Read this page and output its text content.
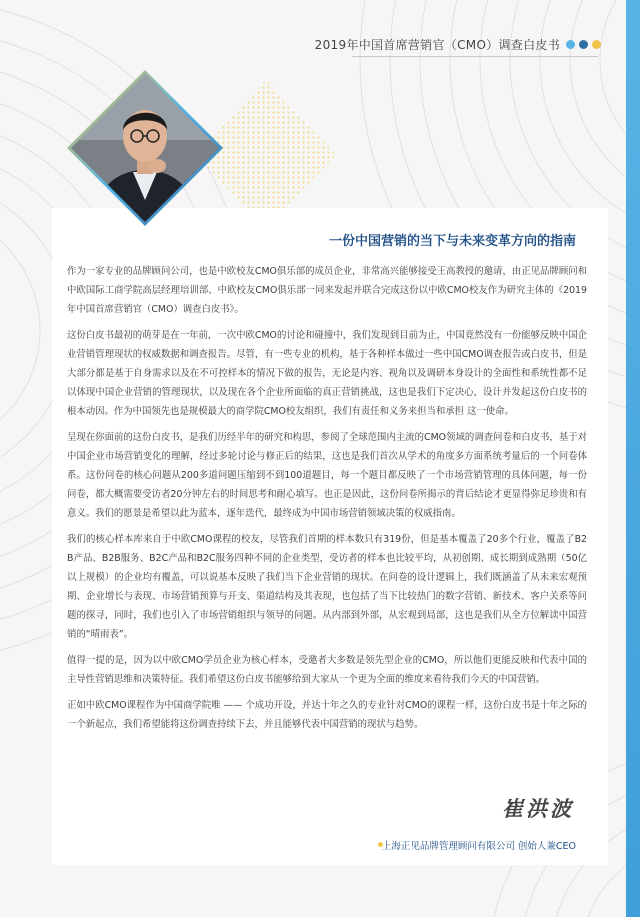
2019年中国首席营销官（CMO）调查白皮书
一份中国营销的当下与未来变革方向的指南

作为一家专业的品牌顾问公司，也是中欧校友CMO俱乐部的成员企业，非常高兴能够接受王高教授的邀请，由正见品牌顾问和中欧国际工商学院高层经理培训部、中欧校友CMO俱乐部一同来发起并联合完成这份以中欧CMO校友作为研究主体的《2019年中国首席营销官（CMO）调查白皮书》。

这份白皮书最初的萌芽是在一年前，一次中欧CMO的讨论和碰撞中，我们发现到目前为止，中国竟然没有一份能够反映中国企业营销管理现状的权威数据和调查报告。尽管，有一些专业的机构，基于各种样本做过一些中国CMO调查报告或白皮书，但是大部分都是基于自身需求以及在不可控样本的情况下做的报告，无论是内容、视角以及调研本身设计的全面性和系统性都不足以体现中国企业营销的管理现状，以及现在各个企业所面临的真正营销挑战，这也是我们下定决心，设计并发起这份白皮书的根本动因。作为中国领先也是规模最大的商学院CMO校友组织，我们有责任和义务来担当和承担 这一使命。

呈现在你面前的这份白皮书，是我们历经半年的研究和构思，参阅了全球范围内主流的CMO领域的调查问卷和白皮书，基于对中国企业市场营销变化的理解，经过多轮讨论与修正后的结果，这也是我们首次从学术的角度多方面系统考量后的一个问卷体系。这份问卷的核心问题从200多道问题压缩到不到100道题目，每一个题目都反映了一个市场营销管理的具体问题，每一份问卷，都大概需要受访者20分钟左右的时间思考和耐心填写。也正是因此，这份问卷所揭示的背后结论才更显得弥足珍贵和有意义。我们的愿景是希望以此为蓝本，逐年迭代，最终成为中国市场营销领域决策的权威指南。

我们的核心样本库来自于中欧CMO课程的校友，尽管我们首期的样本数只有319份，但是基本覆盖了20多个行业，覆盖了B2B产品、B2B服务、B2C产品和B2C服务四种不同的企业类型，受访者的样本也比较平均，从初创期、成长期到成熟期（50亿以上规模）的企业均有覆盖，可以说基本反映了我们当下企业营销的现状。在问卷的设计逻辑上，我们既涵盖了从未来宏观预期、企业增长与表现、市场营销预算与开支、渠道结构及其表现，也包括了当下比较热门的数字营销、新技术、客户关系等问题的探寻，同时，我们也引入了市场营销组织与领导的问题。从内部到外部，从宏观到局部，这也是我们从全方位解读中国营销的“晴雨表”。

值得一提的是，因为以中欧CMO学员企业为核心样本，受邀者大多数是领先型企业的CMO，所以他们更能反映和代表中国的主导性营销思维和决策特征。我们希望这份白皮书能够给到大家从一个更为全面的维度来看待我们今天的中国营销。

正如中欧CMO课程作为中国商学院唯 —— 个成功开设，并达十年之久的专业针对CMO的课程一样，这份白皮书是十年之际的一个新起点，我们希望能将这份调查持续下去，并且能够代表中国营销的现状与趋势。

崔洪波
上海正见品牌管理顾问有限公司 创始人兼CEO
